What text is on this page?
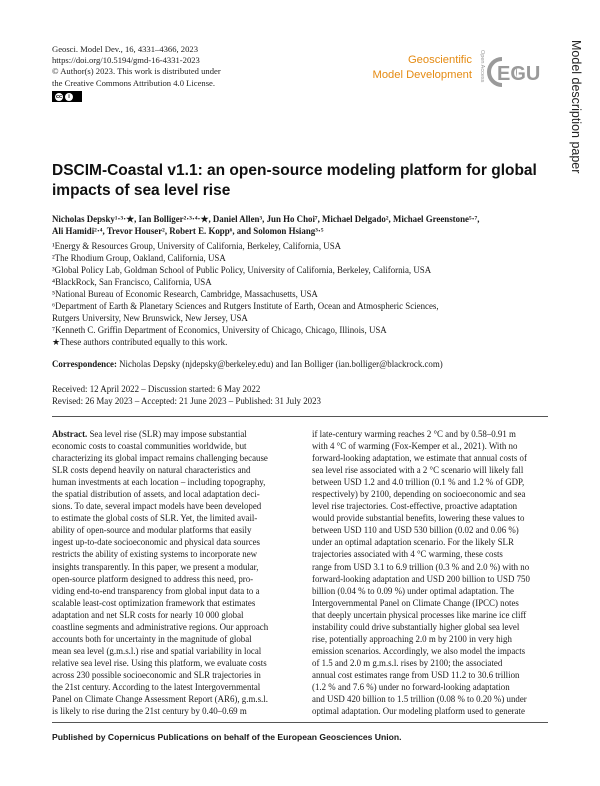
Geosci. Model Dev., 16, 4331–4366, 2023
https://doi.org/10.5194/gmd-16-4331-2023
© Author(s) 2023. This work is distributed under
the Creative Commons Attribution 4.0 License.
cc	i
Geoscientific
Model Development Open Access EGU Model description paper
DSCIM-Coastal v1.1: an open-source modeling platform for global
impacts of sea level rise
Nicholas Depsky¹·³·★, Ian Bolliger²·³·⁴·★, Daniel Allen³, Jun Ho Choi⁷, Michael Delgado², Michael Greenstone⁵·⁷,
Ali Hamidi²·⁴, Trevor Houser², Robert E. Kopp⁶, and Solomon Hsiang³·⁵
¹Energy & Resources Group, University of California, Berkeley, California, USA
²The Rhodium Group, Oakland, California, USA
³Global Policy Lab, Goldman School of Public Policy, University of California, Berkeley, California, USA
⁴BlackRock, San Francisco, California, USA
⁵National Bureau of Economic Research, Cambridge, Massachusetts, USA
⁶Department of Earth & Planetary Sciences and Rutgers Institute of Earth, Ocean and Atmospheric Sciences,
Rutgers University, New Brunswick, New Jersey, USA
⁷Kenneth C. Griffin Department of Economics, University of Chicago, Chicago, Illinois, USA
★These authors contributed equally to this work.
Correspondence: Nicholas Depsky (njdepsky@berkeley.edu) and Ian Bolliger (ian.bolliger@blackrock.com)
Received: 12 April 2022 – Discussion started: 6 May 2022
Revised: 26 May 2023 – Accepted: 21 June 2023 – Published: 31 July 2023
Abstract. Sea level rise (SLR) may impose substantial
economic costs to coastal communities worldwide, but
characterizing its global impact remains challenging because
SLR costs depend heavily on natural characteristics and
human investments at each location – including topography,
the spatial distribution of assets, and local adaptation deci-
sions. To date, several impact models have been developed
to estimate the global costs of SLR. Yet, the limited avail-
ability of open-source and modular platforms that easily
ingest up-to-date socioeconomic and physical data sources
restricts the ability of existing systems to incorporate new
insights transparently. In this paper, we present a modular,
open-source platform designed to address this need, pro-
viding end-to-end transparency from global input data to a
scalable least-cost optimization framework that estimates
adaptation and net SLR costs for nearly 10 000 global
coastline segments and administrative regions. Our approach
accounts both for uncertainty in the magnitude of global
mean sea level (g.m.s.l.) rise and spatial variability in local
relative sea level rise. Using this platform, we evaluate costs
across 230 possible socioeconomic and SLR trajectories in
the 21st century. According to the latest Intergovernmental
Panel on Climate Change Assessment Report (AR6), g.m.s.l.
is likely to rise during the 21st century by 0.40–0.69 m
if late-century warming reaches 2 °C and by 0.58–0.91 m
with 4 °C of warming (Fox-Kemper et al., 2021). With no
forward-looking adaptation, we estimate that annual costs of
sea level rise associated with a 2 °C scenario will likely fall
between USD 1.2 and 4.0 trillion (0.1 % and 1.2 % of GDP,
respectively) by 2100, depending on socioeconomic and sea
level rise trajectories. Cost-effective, proactive adaptation
would provide substantial benefits, lowering these values to
between USD 110 and USD 530 billion (0.02 and 0.06 %)
under an optimal adaptation scenario. For the likely SLR
trajectories associated with 4 °C warming, these costs
range from USD 3.1 to 6.9 trillion (0.3 % and 2.0 %) with no
forward-looking adaptation and USD 200 billion to USD 750
billion (0.04 % to 0.09 %) under optimal adaptation. The
Intergovernmental Panel on Climate Change (IPCC) notes
that deeply uncertain physical processes like marine ice cliff
instability could drive substantially higher global sea level
rise, potentially approaching 2.0 m by 2100 in very high
emission scenarios. Accordingly, we also model the impacts
of 1.5 and 2.0 m g.m.s.l. rises by 2100; the associated
annual cost estimates range from USD 11.2 to 30.6 trillion
(1.2 % and 7.6 %) under no forward-looking adaptation
and USD 420 billion to 1.5 trillion (0.08 % to 0.20 %) under
optimal adaptation. Our modeling platform used to generate
Published by Copernicus Publications on behalf of the European Geosciences Union.
